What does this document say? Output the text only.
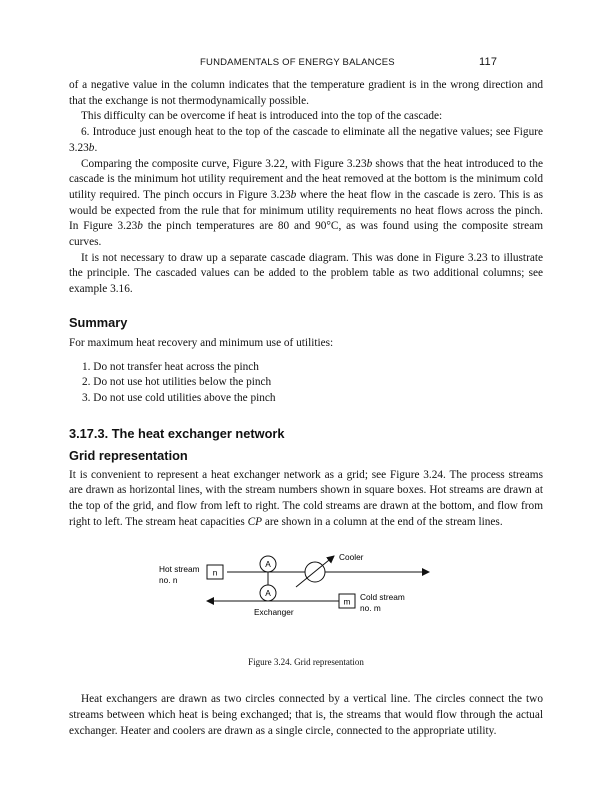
FUNDAMENTALS OF ENERGY BALANCES	117

of a negative value in the column indicates that the temperature gradient is in the wrong direction and that the exchange is not thermodynamically possible.

This difficulty can be overcome if heat is introduced into the top of the cascade:

6. Introduce just enough heat to the top of the cascade to eliminate all the negative values; see Figure 3.23b.

Comparing the composite curve, Figure 3.22, with Figure 3.23b shows that the heat introduced to the cascade is the minimum hot utility requirement and the heat removed at the bottom is the minimum cold utility required. The pinch occurs in Figure 3.23b where the heat flow in the cascade is zero. This is as would be expected from the rule that for minimum utility requirements no heat flows across the pinch. In Figure 3.23b the pinch temperatures are 80 and 90°C, as was found using the composite stream curves.

It is not necessary to draw up a separate cascade diagram. This was done in Figure 3.23 to illustrate the principle. The cascaded values can be added to the problem table as two additional columns; see example 3.16.

Summary

For maximum heat recovery and minimum use of utilities:

1. Do not transfer heat across the pinch
2. Do not use hot utilities below the pinch
3. Do not use cold utilities above the pinch
3.17.3. The heat exchanger network
Grid representation

It is convenient to represent a heat exchanger network as a grid; see Figure 3.24. The process streams are drawn as horizontal lines, with the stream numbers shown in square boxes. Hot streams are drawn at the top of the grid, and flow from left to right. The cold streams are drawn at the bottom, and flow from right to left. The stream heat capacities CP are shown in a column at the end of the stream lines.

n
Hot stream
no. n
A
A
Exchanger
Cooler
m Cold stream
no. m
Figure 3.24. Grid representation

Heat exchangers are drawn as two circles connected by a vertical line. The circles connect the two streams between which heat is being exchanged; that is, the streams that would flow through the actual exchanger. Heater and coolers are drawn as a single circle, connected to the appropriate utility.
